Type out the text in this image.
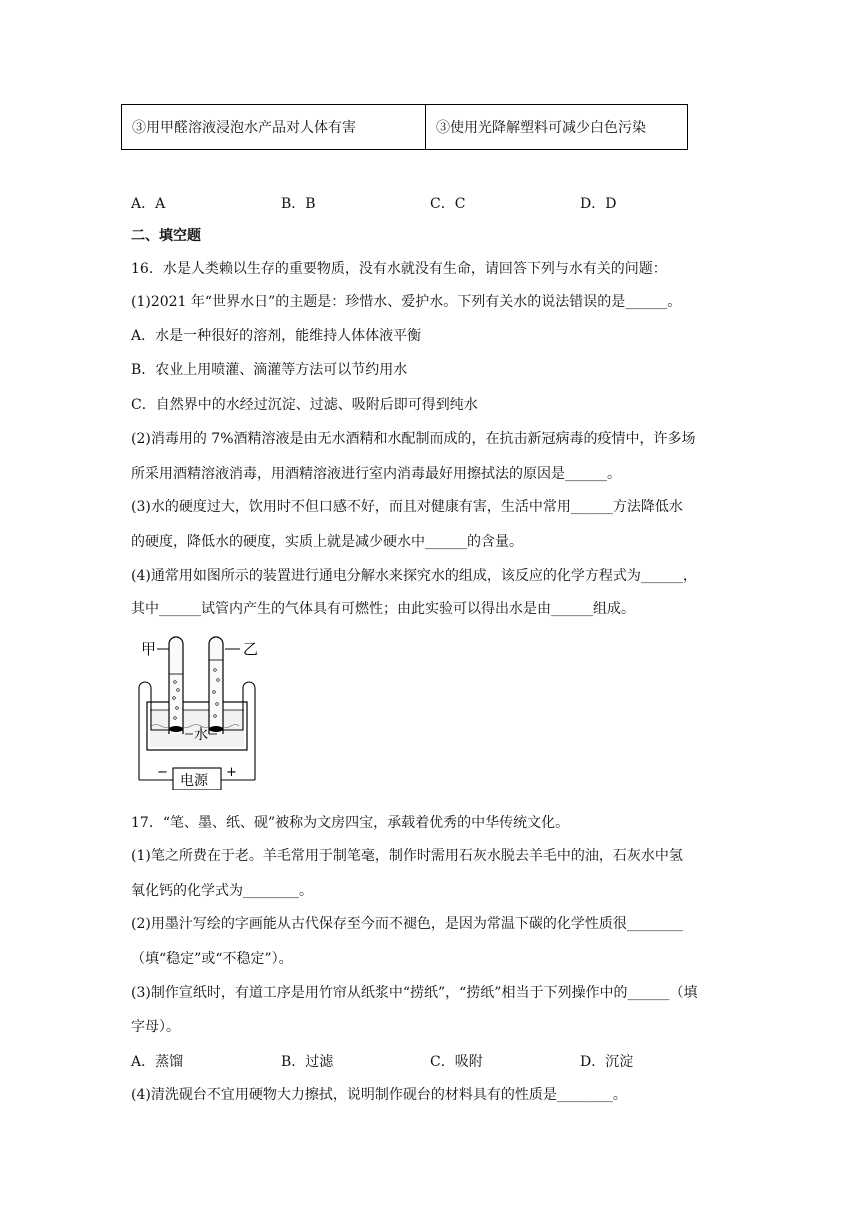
③用甲醛溶液浸泡水产品对人体有害	③使用光降解塑料可减少白色污染
A．A	B．B	C．C	D．D
二、填空题
16．水是人类赖以生存的重要物质，没有水就没有生命，请回答下列与水有关的问题：
(1)2021 年“世界水日”的主题是：珍惜水、爱护水。下列有关水的说法错误的是______。
A．水是一种很好的溶剂，能维持人体体液平衡
B．农业上用喷灌、滴灌等方法可以节约用水
C．自然界中的水经过沉淀、过滤、吸附后即可得到纯水
(2)消毒用的 7%酒精溶液是由无水酒精和水配制而成的，在抗击新冠病毒的疫情中，许多场
所采用酒精溶液消毒，用酒精溶液进行室内消毒最好用擦拭法的原因是______。
(3)水的硬度过大，饮用时不但口感不好，而且对健康有害，生活中常用______方法降低水
的硬度，降低水的硬度，实质上就是减少硬水中______的含量。
(4)通常用如图所示的装置进行通电分解水来探究水的组成，该反应的化学方程式为______，
其中______试管内产生的气体具有可燃性；由此实验可以得出水是由______组成。
甲	乙
水
电源
−	+
17．“笔、墨、纸、砚”被称为文房四宝，承载着优秀的中华传统文化。
(1)笔之所费在于老。羊毛常用于制笔毫，制作时需用石灰水脱去羊毛中的油，石灰水中氢
氧化钙的化学式为________。
(2)用墨汁写绘的字画能从古代保存至今而不褪色，是因为常温下碳的化学性质很________
（填“稳定”或“不稳定”）。
(3)制作宣纸时，有道工序是用竹帘从纸浆中“捞纸”，“捞纸”相当于下列操作中的______（填
字母）。
A．蒸馏	B．过滤	C．吸附	D．沉淀
(4)清洗砚台不宜用硬物大力擦拭，说明制作砚台的材料具有的性质是________。
